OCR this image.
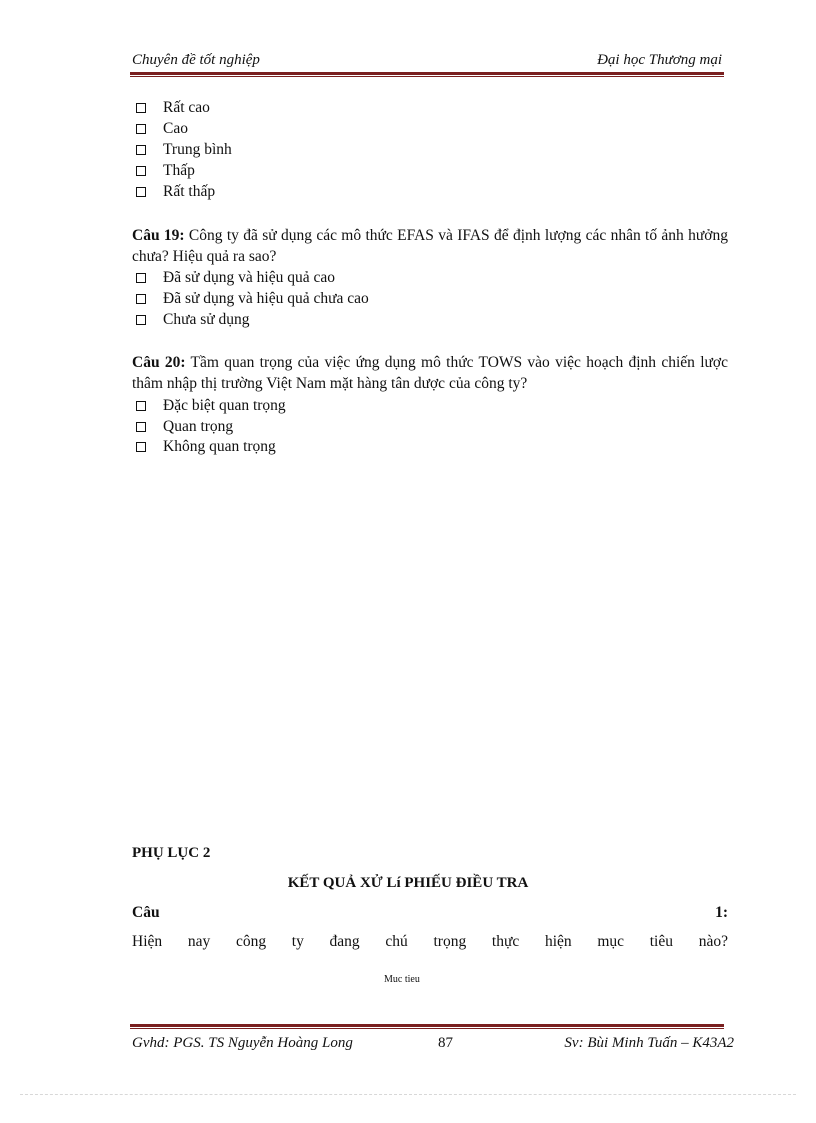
Chuyên đề tốt nghiệp	Đại học Thương mại
Rất cao
Cao
Trung bình
Thấp
Rất thấp
Câu 19: Công ty đã sử dụng các mô thức EFAS và IFAS để định lượng các nhân tố ảnh hưởng chưa? Hiệu quả ra sao?
Đã sử dụng và hiệu quả cao
Đã sử dụng và hiệu quả chưa cao
Chưa sử dụng
Câu 20: Tầm quan trọng của việc ứng dụng mô thức TOWS vào việc hoạch định chiến lược thâm nhập thị trường Việt Nam mặt hàng tân dược của công ty?
Đặc biệt quan trọng
Quan trọng
Không quan trọng
PHỤ LỤC 2
KẾT QUẢ XỬ Lí PHIẾU ĐIỀU TRA
Câu	1:
Hiện nay công ty đang chú trọng thực hiện mục tiêu nào?
Muc tieu
Gvhd: PGS. TS Nguyễn Hoàng Long	87	Sv: Bùi Minh Tuấn – K43A2
